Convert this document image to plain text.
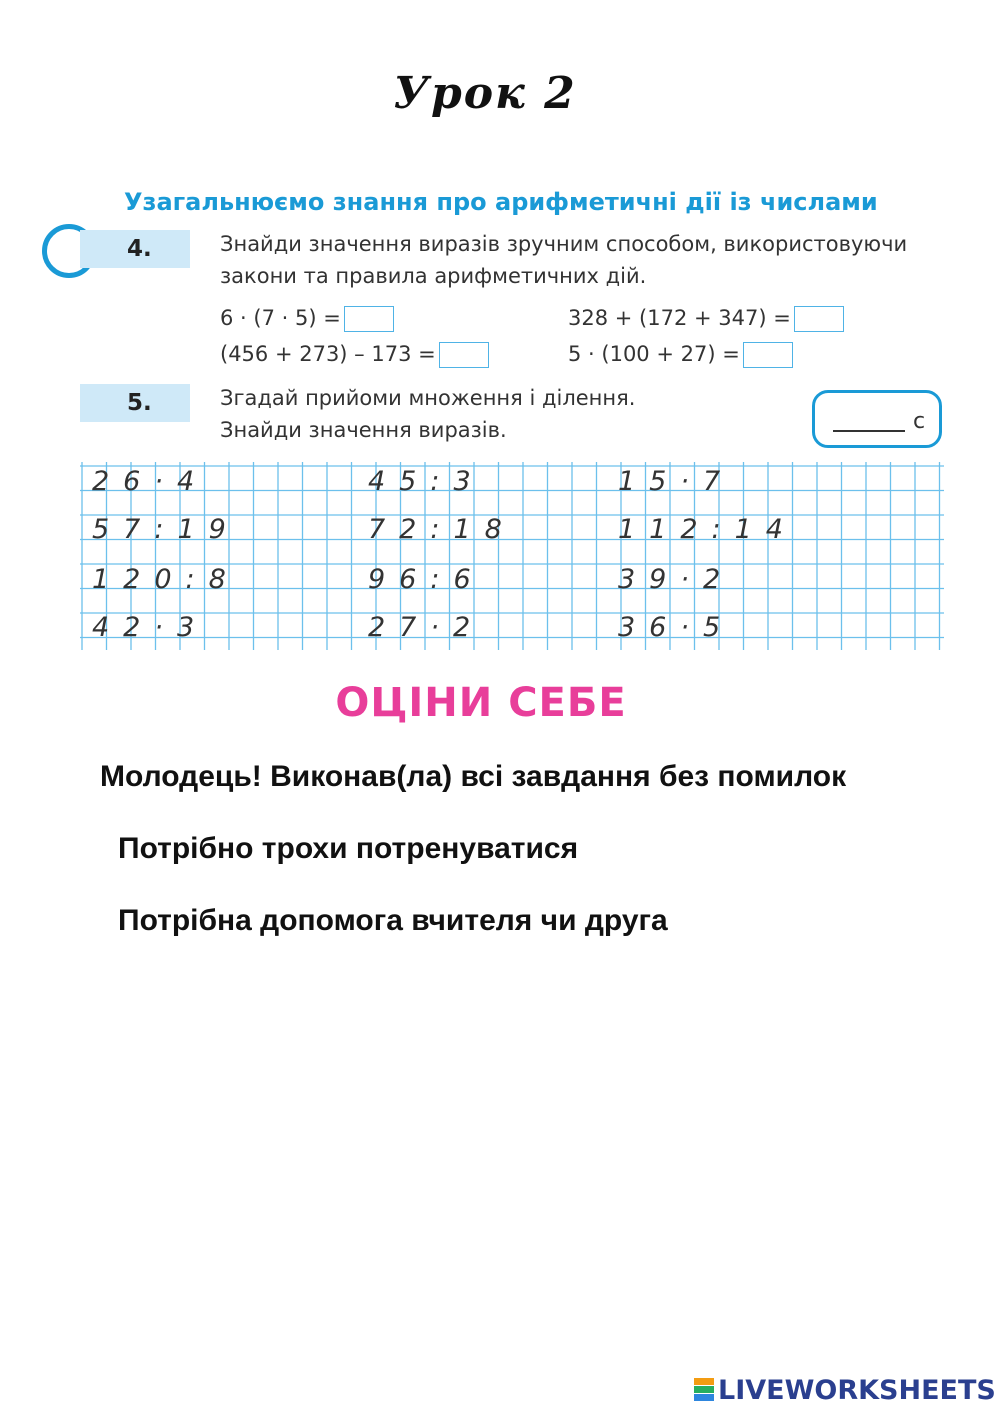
Урок 2
Узагальнюємо знання про арифметичні дії із числами
4.	Знайди значення виразів зручним способом, використовуючи
закони та правила арифметичних дій.
6 · (7 · 5) =	328 + (172 + 347) =
(456 + 273) – 173 =	5 · (100 + 27) =
5.	Згадай прийоми множення і ділення.
Знайди значення виразів.	с
26·4	45:3	15·7
57:19	72:18	112:14
120:8	96:6	39·2
42·3	27·2	36·5
ОЦІНИ СЕБЕ
Молодець! Виконав(ла) всі завдання без помилок
Потрібно трохи потренуватися
Потрібна допомога вчителя чи друга
LIVEWORKSHEETS
